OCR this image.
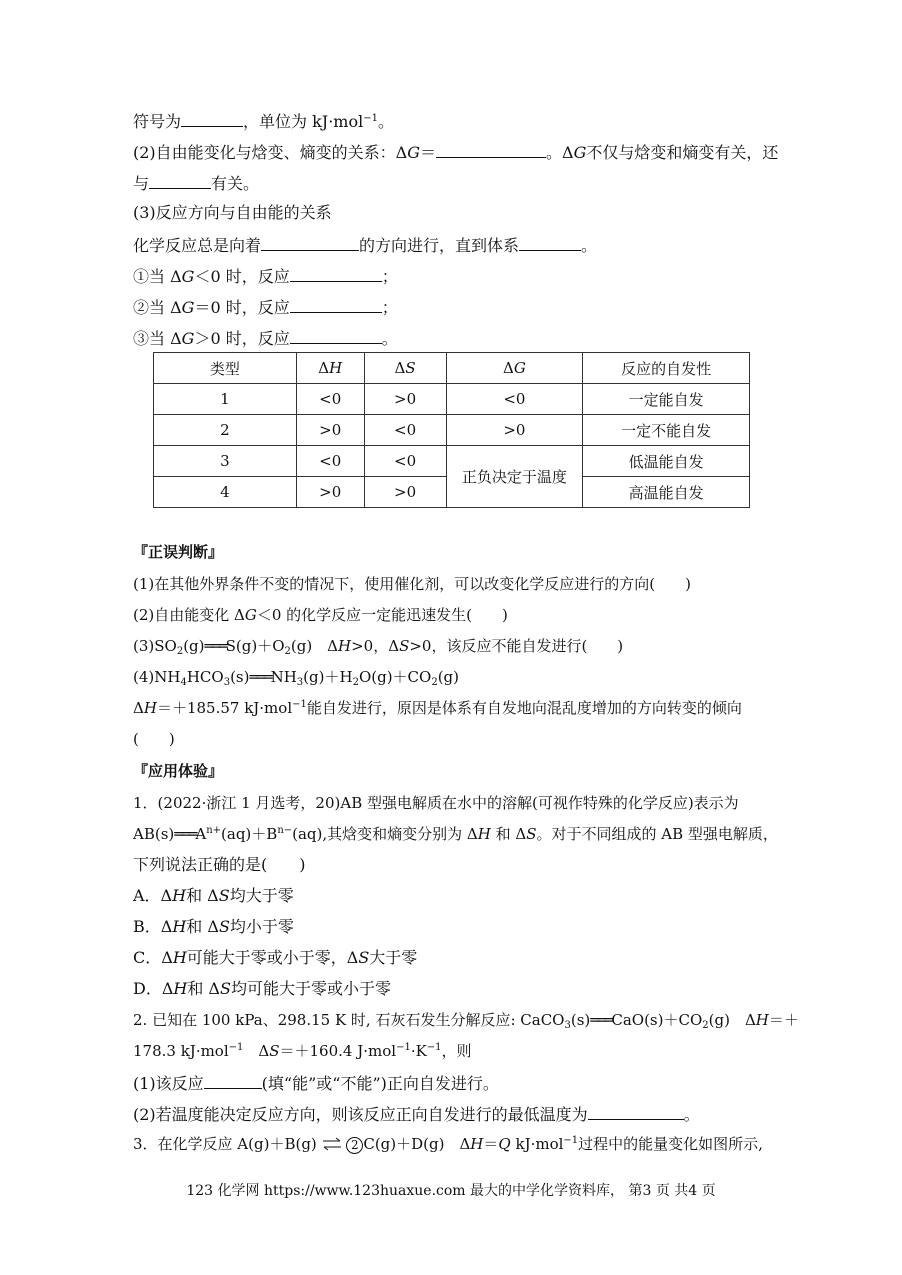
符号为	，单位为 kJ·mol$^{-1}$。
(2)自由能变化与焓变、熵变的关系：ΔG＝	。ΔG不仅与焓变和熵变有关，还
与	有关。
(3)反应方向与自由能的关系
化学反应总是向着	的方向进行，直到体系	。
①当 ΔG＜0 时，反应	；
②当 ΔG＝0 时，反应	；
③当 ΔG＞0 时，反应	。
类型	ΔH	ΔS	ΔG	反应的自发性
1	<0	>0	<0	一定能自发
2	>0	<0	>0	一定不能自发
3	<0	<0	正负决定于温度	低温能自发
4	>0	>0		高温能自发
『正误判断』
(1)在其他外界条件不变的情况下，使用催化剂，可以改变化学反应进行的方向(　　)
(2)自由能变化 ΔG＜0 的化学反应一定能迅速发生(　　)
$(3)SO_2(g)═══S(g)+O_2(g)$　ΔH>0，ΔS>0，该反应不能自发进行(　　)
$(4)NH_4HCO_3(s)═══NH_3(g)+H_2O(g)+CO_2(g)$
ΔH＝＋185.57 kJ·mol$^{-1}$能自发进行，原因是体系有自发地向混乱度增加的方向转变的倾向
(　　)
『应用体验』
1．(2022·浙江 1 月选考，20)AB 型强电解质在水中的溶解(可视作特殊的化学反应)表示为
$AB(s)═══A^{n+}(aq)+B^{n-}(aq)$,其焓变和熵变分别为 ΔH 和 ΔS。对于不同组成的 AB 型强电解质，
下列说法正确的是(　　)
A．ΔH和 ΔS均大于零
B．ΔH和 ΔS均小于零
C．ΔH可能大于零或小于零，ΔS大于零
D．ΔH和 ΔS均可能大于零或小于零
2. 已知在 100 kPa、298.15 K 时, 石灰石发生分解反应: $CaCO_3(s)═══CaO(s)+CO_2(g)$　ΔH＝＋
178.3 kJ·mol$^{-1}$　ΔS＝＋160.4 $J\cdot mol^{-1}\cdot K^{-1}$，则
(1)该反应	(填“能”或“不能”)正向自发进行。
(2)若温度能决定反应方向，则该反应正向自发进行的最低温度为	。
3．在化学反应 A(g)＋B(g) ⇌ 2 C(g)＋D(g)　ΔH＝Q kJ·mol$^{-1}$过程中的能量变化如图所示,
123 化学网 https://www.123huaxue.com 最大的中学化学资料库， 第3 页 共4 页
